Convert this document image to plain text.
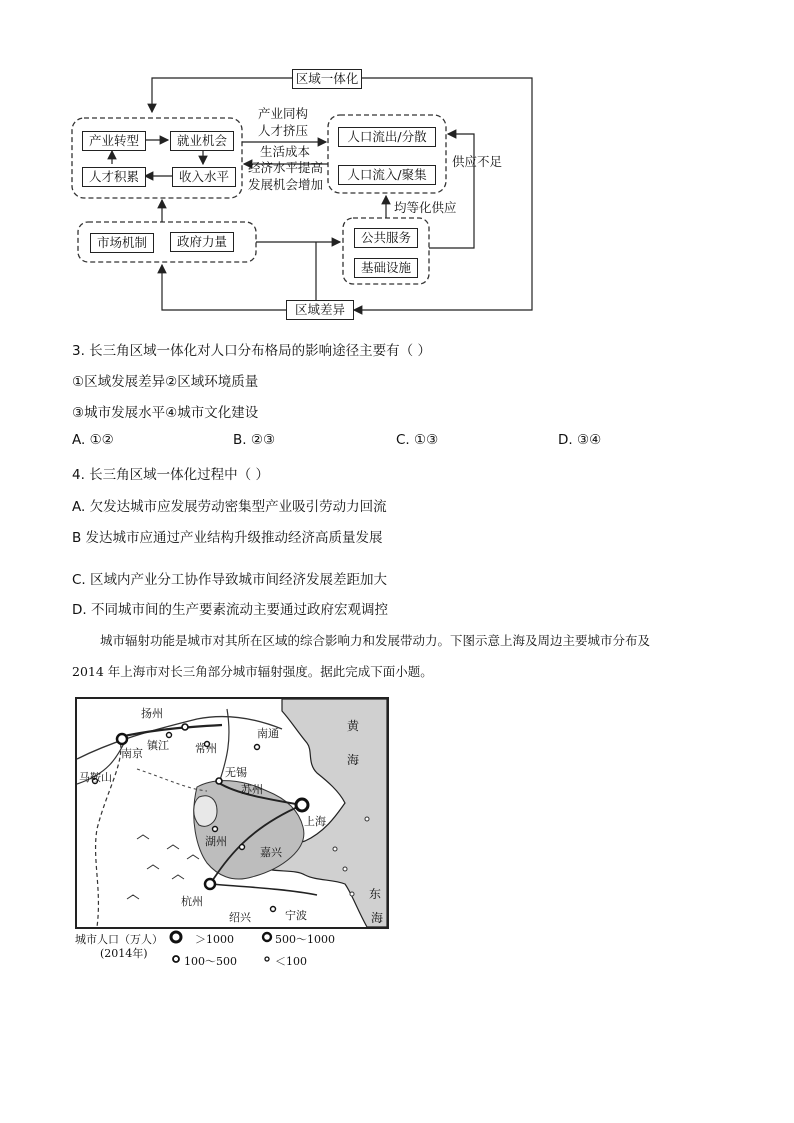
区域一体化
区域差异
产业转型	就业机会
人才积累	收入水平
人口流出/分散
人口流入/聚集
市场机制	政府力量	公共服务
基础设施
产业同构
人才挤压
生活成本
经济水平提高
发展机会增加
供应不足
均等化供应
3. 长三角区域一体化对人口分布格局的影响途径主要有（ ）
①区域发展差异②区域环境质量
③城市发展水平④城市文化建设
A. ①②	B. ②③	C. ①③	D. ③④
4. 长三角区域一体化过程中（ ）
A. 欠发达城市应发展劳动密集型产业吸引劳动力回流
B 发达城市应通过产业结构升级推动经济高质量发展
C. 区域内产业分工协作导致城市间经济发展差距加大
D. 不同城市间的生产要素流动主要通过政府宏观调控
城市辐射功能是城市对其所在区域的综合影响力和发展带动力。下图示意上海及周边主要城市分布及
2014 年上海市对长三角部分城市辐射强度。据此完成下面小题。
扬州
南京
镇江 常州
南通
马鞍山	无锡
苏州
上海
湖州
嘉兴
杭州
绍兴	宁波
黄
海
东
海
城市人口（万人）
(2014年)
＞1000	500～1000
100～500	＜100
